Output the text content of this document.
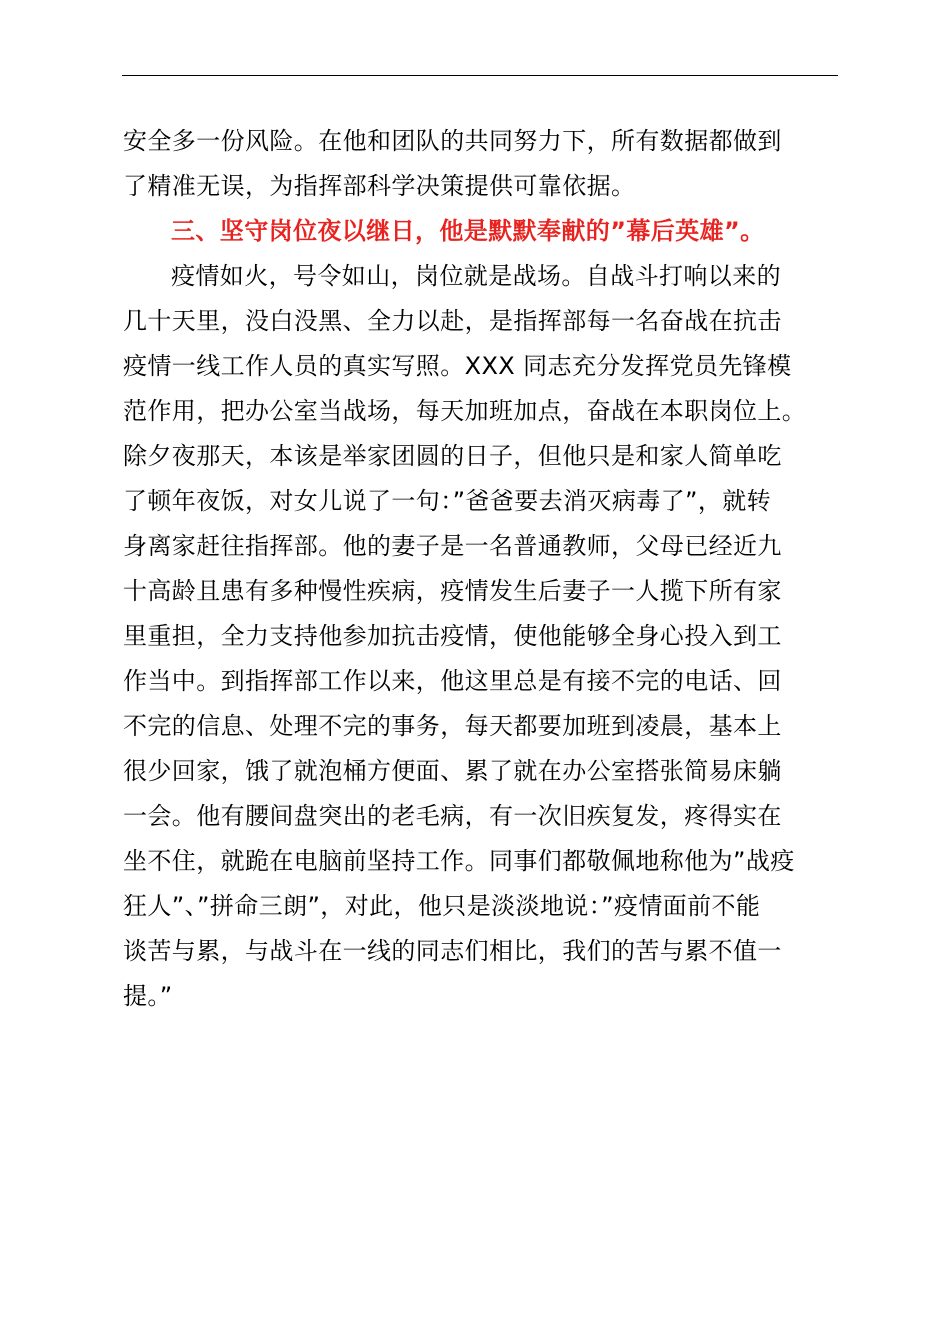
安全多一份风险。在他和团队的共同努力下，所有数据都做到
了精准无误，为指挥部科学决策提供可靠依据。
三、坚守岗位夜以继日，他是默默奉献的”幕后英雄”。
疫情如火，号令如山，岗位就是战场。自战斗打响以来的
几十天里，没白没黑、全力以赴，是指挥部每一名奋战在抗击
疫情一线工作人员的真实写照。XXX 同志充分发挥党员先锋模
范作用，把办公室当战场，每天加班加点，奋战在本职岗位上。
除夕夜那天，本该是举家团圆的日子，但他只是和家人简单吃
了顿年夜饭，对女儿说了一句：”爸爸要去消灭病毒了”，就转
身离家赶往指挥部。他的妻子是一名普通教师，父母已经近九
十高龄且患有多种慢性疾病，疫情发生后妻子一人揽下所有家
里重担，全力支持他参加抗击疫情，使他能够全身心投入到工
作当中。到指挥部工作以来，他这里总是有接不完的电话、回
不完的信息、处理不完的事务，每天都要加班到凌晨，基本上
很少回家，饿了就泡桶方便面、累了就在办公室搭张简易床躺
一会。他有腰间盘突出的老毛病，有一次旧疾复发，疼得实在
坐不住，就跪在电脑前坚持工作。同事们都敬佩地称他为”战疫
狂人”、”拼命三朗”，对此，他只是淡淡地说：”疫情面前不能
谈苦与累，与战斗在一线的同志们相比，我们的苦与累不值一
提。”
